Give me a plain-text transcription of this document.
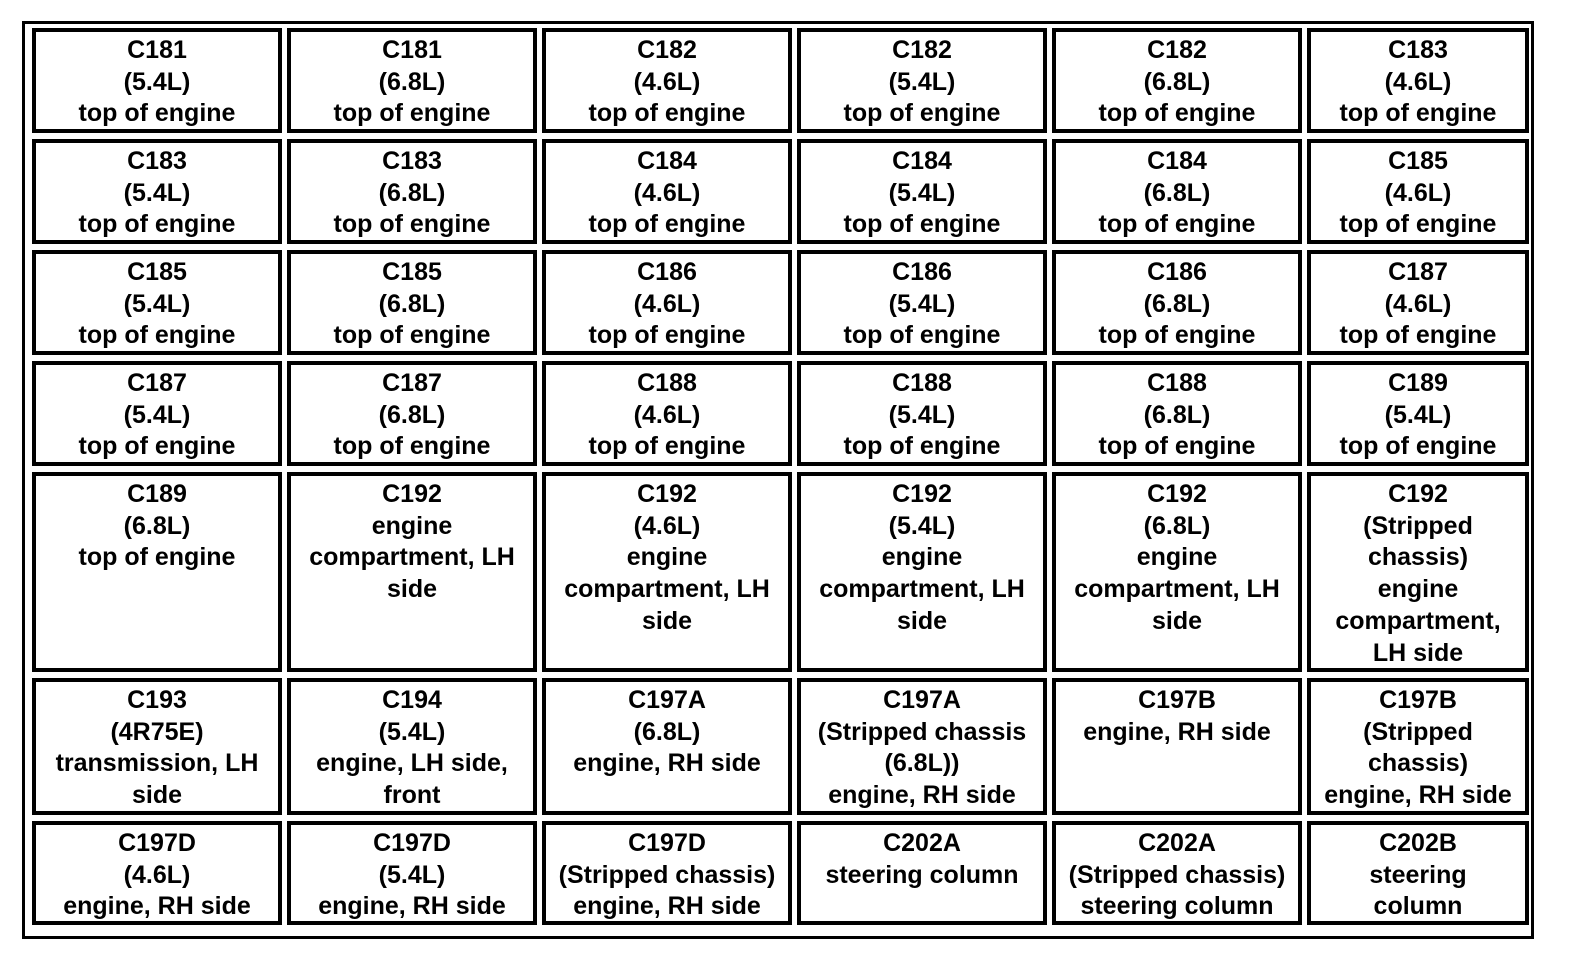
C181
(5.4L)
top of engine
C181
(6.8L)
top of engine
C182
(4.6L)
top of engine
C182
(5.4L)
top of engine
C182
(6.8L)
top of engine
C183
(4.6L)
top of engine
C183
(5.4L)
top of engine
C183
(6.8L)
top of engine
C184
(4.6L)
top of engine
C184
(5.4L)
top of engine
C184
(6.8L)
top of engine
C185
(4.6L)
top of engine
C185
(5.4L)
top of engine
C185
(6.8L)
top of engine
C186
(4.6L)
top of engine
C186
(5.4L)
top of engine
C186
(6.8L)
top of engine
C187
(4.6L)
top of engine
C187
(5.4L)
top of engine
C187
(6.8L)
top of engine
C188
(4.6L)
top of engine
C188
(5.4L)
top of engine
C188
(6.8L)
top of engine
C189
(5.4L)
top of engine
C189
(6.8L)
top of engine
C192
engine
compartment, LH
side
C192
(4.6L)
engine
compartment, LH
side
C192
(5.4L)
engine
compartment, LH
side
C192
(6.8L)
engine
compartment, LH
side
C192
(Stripped
chassis)
engine
compartment,
LH side
C193
(4R75E)
transmission, LH
side
C194
(5.4L)
engine, LH side,
front
C197A
(6.8L)
engine, RH side
C197A
(Stripped chassis
(6.8L))
engine, RH side
C197B
engine, RH side
C197B
(Stripped
chassis)
engine, RH side
C197D
(4.6L)
engine, RH side
C197D
(5.4L)
engine, RH side
C197D
(Stripped chassis)
engine, RH side
C202A
steering column
C202A
(Stripped chassis)
steering column
C202B
steering
column
